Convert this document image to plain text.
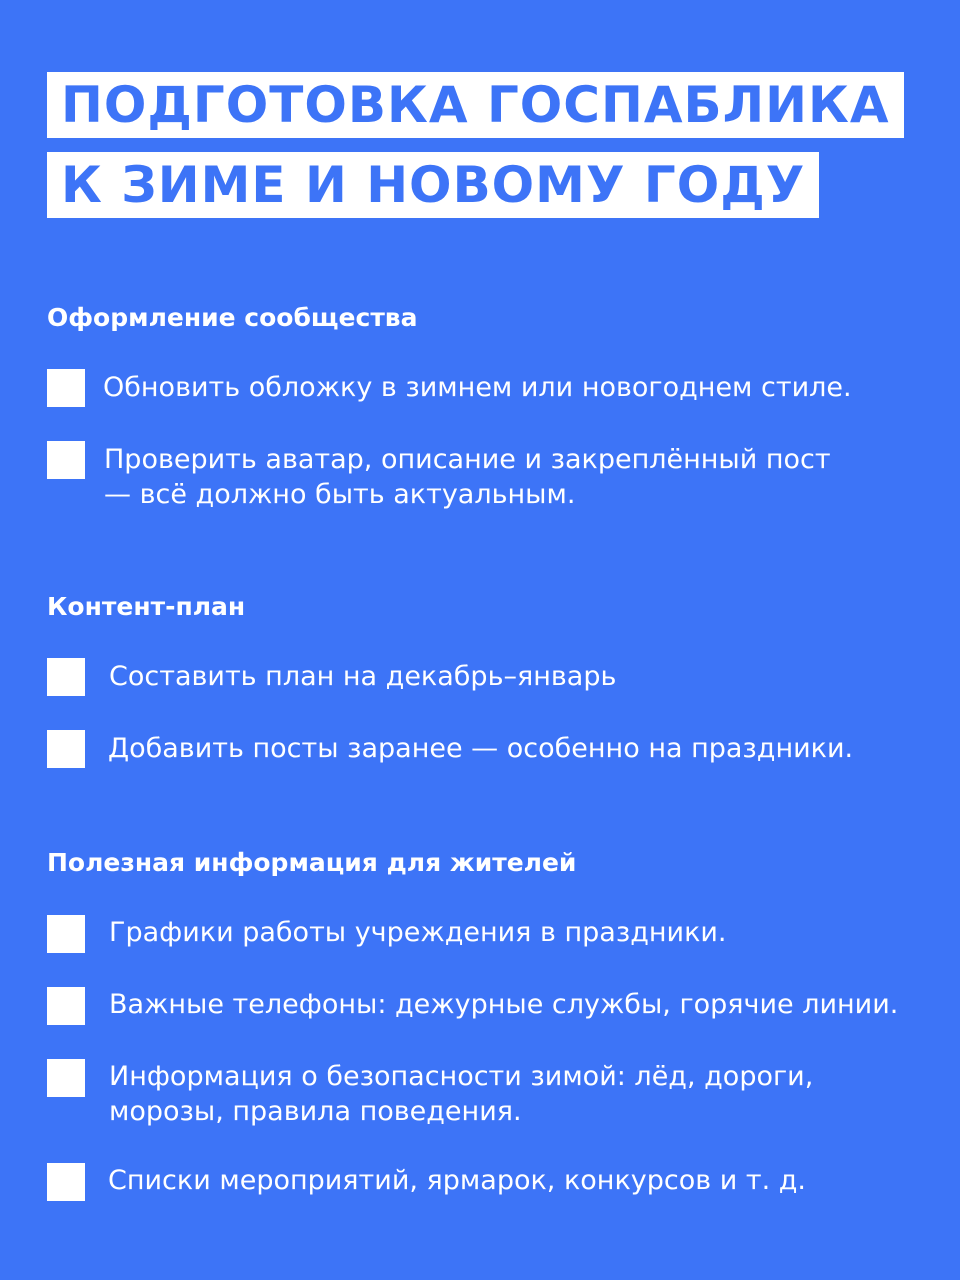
ПОДГОТОВКА ГОСПАБЛИКА
К ЗИМЕ И НОВОМУ ГОДУ
Оформление сообщества
Обновить обложку в зимнем или новогоднем стиле.
Проверить аватар, описание и закреплённый пост
— всё должно быть актуальным.
Контент-план
Составить план на декабрь–январь
Добавить посты заранее — особенно на праздники.
Полезная информация для жителей
Графики работы учреждения в праздники.
Важные телефоны: дежурные службы, горячие линии.
Информация о безопасности зимой: лёд, дороги,
морозы, правила поведения.
Списки мероприятий, ярмарок, конкурсов и т. д.
